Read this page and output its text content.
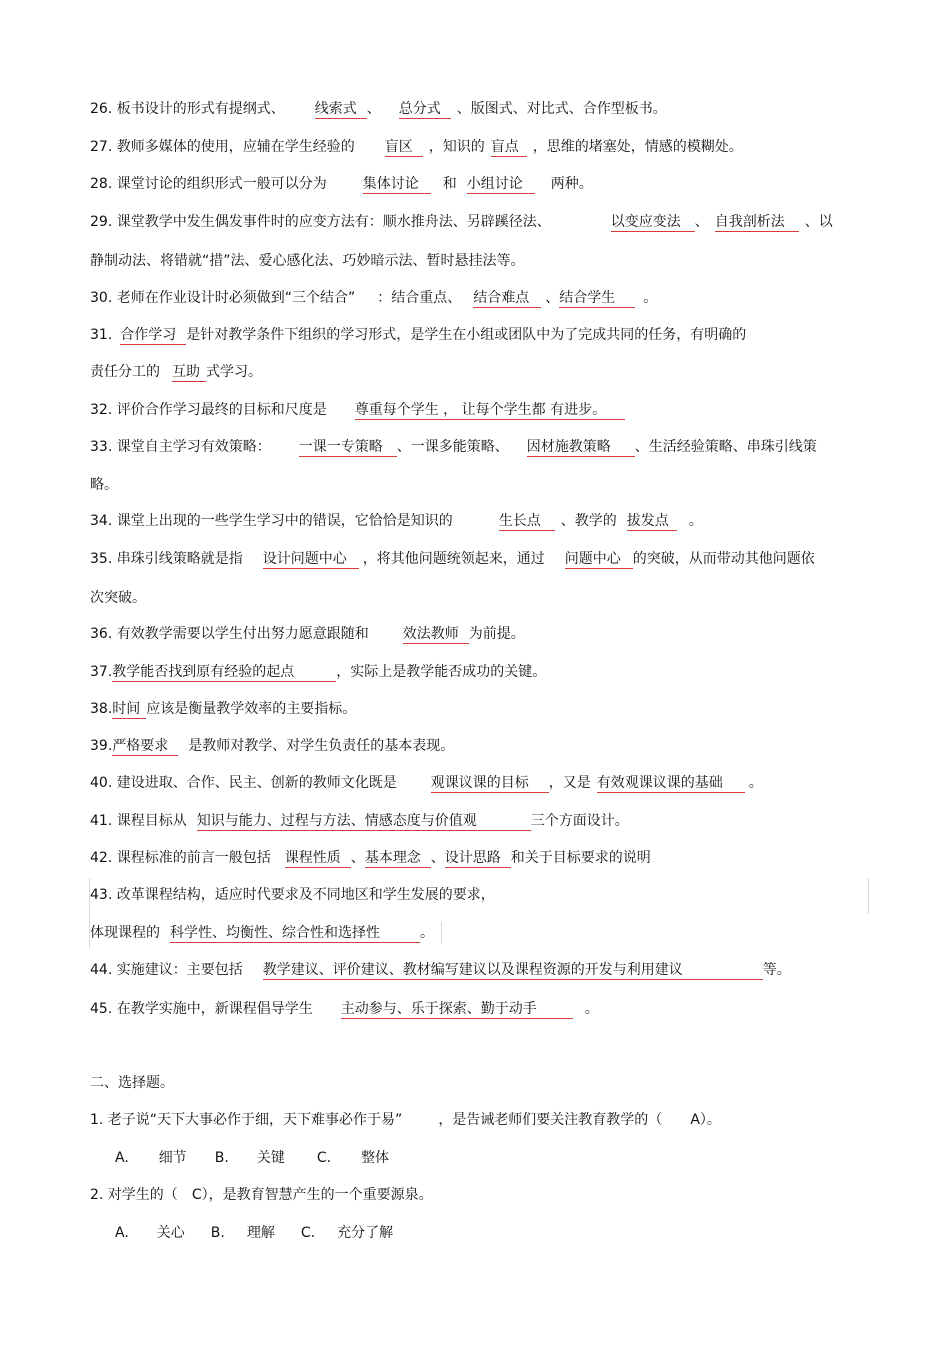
26. 板书设计的形式有提纲式、 线索式 、 总分式 、版图式、对比式、合作型板书。
27. 教师多媒体的使用，应辅在学生经验的 盲区 ，知识的 盲点 ，思维的堵塞处，情感的模糊处。
28. 课堂讨论的组织形式一般可以分为	集体讨论 和 小组讨论 两种。
29. 课堂教学中发生偶发事件时的应变方法有：顺水推舟法、另辟蹊径法、	以变应变法 、 自我剖析法 、以
静制动法、将错就“措”法、爱心感化法、巧妙暗示法、暂时悬挂法等。
30. 老师在作业设计时必须做到“三个结合” ：结合重点、 结合难点 、结合学生 。
31. 合作学习 是针对教学条件下组织的学习形式，是学生在小组或团队中为了完成共同的任务，有明确的
责任分工的 互助 式学习。
32. 评价合作学习最终的目标和尺度是 尊重每个学生 ， 让每个学生都 有进步。
33. 课堂自主学习有效策略： 一课一专策略 、一课多能策略、 因材施教策略 、生活经验策略、串珠引线策
略。
34. 课堂上出现的一些学生学习中的错误，它恰恰是知识的	生长点 、教学的 拔发点 。
35. 串珠引线策略就是指 设计问题中心 ，将其他问题统领起来，通过 问题中心 的突破，从而带动其他问题依
次突破。
36. 有效教学需要以学生付出努力愿意跟随和 效法教师 为前提。
37.教学能否找到原有经验的起点	，实际上是教学能否成功的关键。
38.时间 应该是衡量教学效率的主要指标。
39.严格要求 是教师对教学、对学生负责任的基本表现。
40. 建设进取、合作、民主、创新的教师文化既是 观课议课的目标 ，又是 有效观课议课的基础 。
41. 课程目标从 知识与能力、过程与方法、情感态度与价值观	三个方面设计。
42. 课程标准的前言一般包括 课程性质 、基本理念 、设计思路 和关于目标要求的说明
43. 改革课程结构，适应时代要求及不同地区和学生发展的要求，
体现课程的 科学性、均衡性、综合性和选择性	。
44. 实施建议：主要包括 教学建议、评价建议、教材编写建议以及课程资源的开发与利用建议	等。
45. 在教学实施中，新课程倡导学生 主动参与、乐于探索、勤于动手	。
二、选择题。
1. 老子说“天下大事必作于细，天下难事必作于易”	，是告诫老师们要关注教育教学的（ A）。
A. 细节 B. 关键 C. 整体
2. 对学生的（ C），是教育智慧产生的一个重要源泉。
A. 关心 B. 理解 C. 充分了解
